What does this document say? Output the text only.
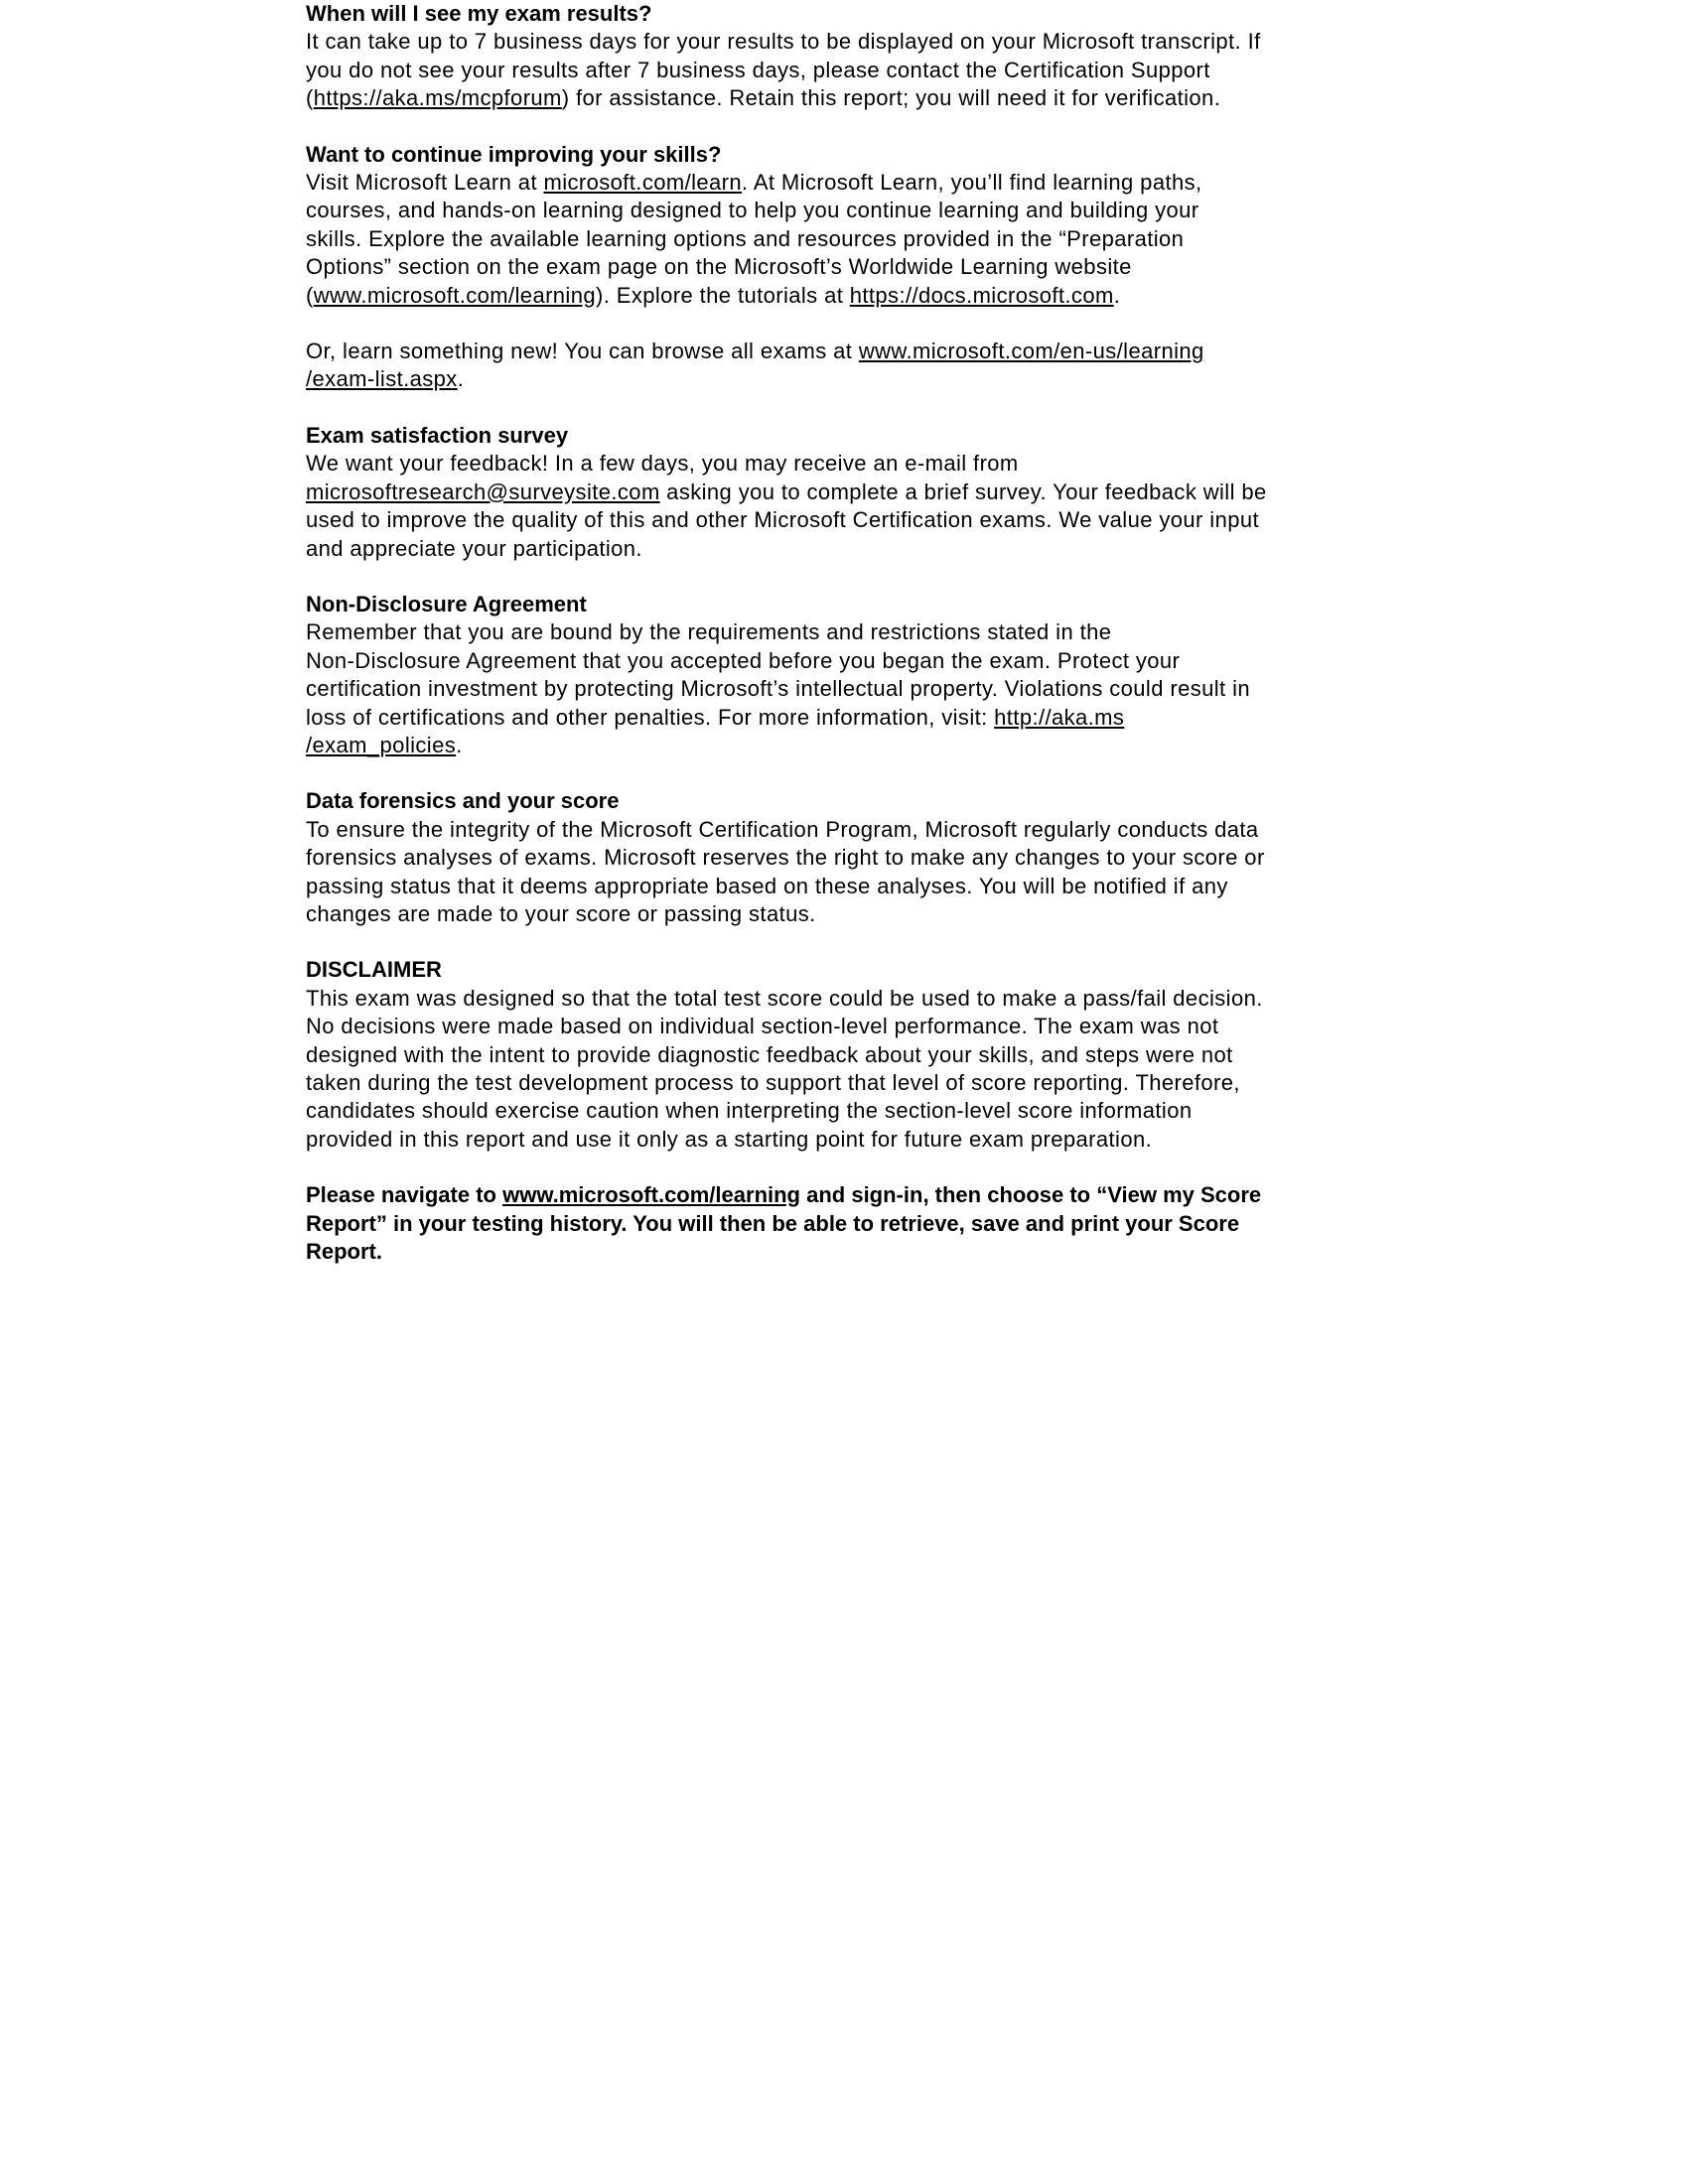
When will I see my exam results?
It can take up to 7 business days for your results to be displayed on your Microsoft transcript. If
you do not see your results after 7 business days, please contact the Certification Support
(https://aka.ms/mcpforum) for assistance. Retain this report; you will need it for verification.
Want to continue improving your skills?
Visit Microsoft Learn at microsoft.com/learn. At Microsoft Learn, you’ll find learning paths,
courses, and hands-on learning designed to help you continue learning and building your
skills. Explore the available learning options and resources provided in the “Preparation
Options” section on the exam page on the Microsoft’s Worldwide Learning website
(www.microsoft.com/learning). Explore the tutorials at https://docs.microsoft.com.
Or, learn something new! You can browse all exams at www.microsoft.com/en-us/learning
/exam-list.aspx.
Exam satisfaction survey
We want your feedback! In a few days, you may receive an e-mail from
microsoftresearch@surveysite.com asking you to complete a brief survey. Your feedback will be
used to improve the quality of this and other Microsoft Certification exams. We value your input
and appreciate your participation.
Non-Disclosure Agreement
Remember that you are bound by the requirements and restrictions stated in the
Non-Disclosure Agreement that you accepted before you began the exam. Protect your
certification investment by protecting Microsoft’s intellectual property. Violations could result in
loss of certifications and other penalties. For more information, visit: http://aka.ms
/exam_policies.
Data forensics and your score
To ensure the integrity of the Microsoft Certification Program, Microsoft regularly conducts data
forensics analyses of exams. Microsoft reserves the right to make any changes to your score or
passing status that it deems appropriate based on these analyses. You will be notified if any
changes are made to your score or passing status.
DISCLAIMER
This exam was designed so that the total test score could be used to make a pass/fail decision.
No decisions were made based on individual section-level performance. The exam was not
designed with the intent to provide diagnostic feedback about your skills, and steps were not
taken during the test development process to support that level of score reporting. Therefore,
candidates should exercise caution when interpreting the section-level score information
provided in this report and use it only as a starting point for future exam preparation.
Please navigate to www.microsoft.com/learning and sign-in, then choose to “View my Score
Report” in your testing history. You will then be able to retrieve, save and print your Score
Report.
